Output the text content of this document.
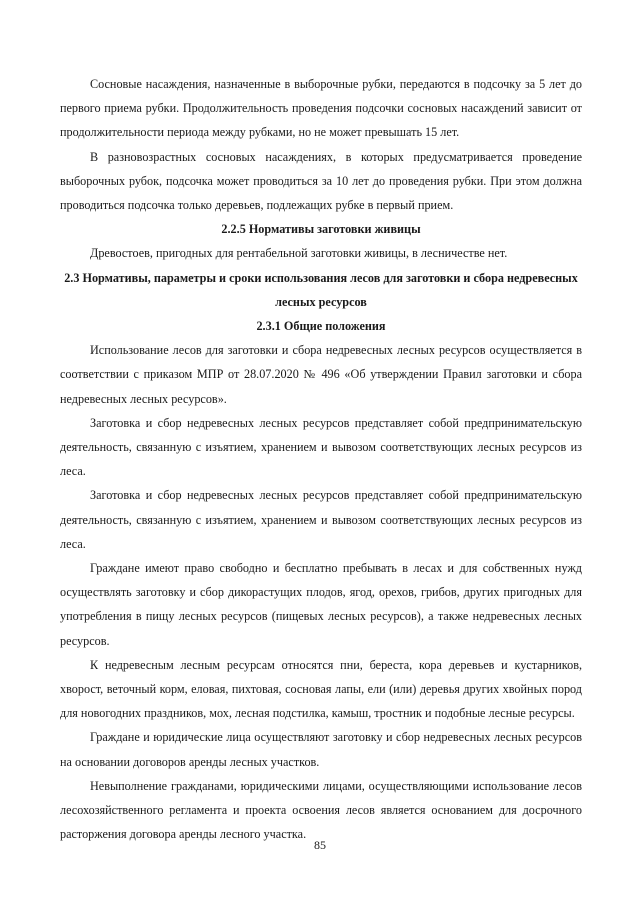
Сосновые насаждения, назначенные в выборочные рубки, передаются в подсочку за 5 лет до первого приема рубки. Продолжительность проведения подсочки сосновых насаждений зависит от продолжительности периода между рубками, но не может превышать 15 лет.

В разновозрастных сосновых насаждениях, в которых предусматривается проведение выборочных рубок, подсочка может проводиться за 10 лет до проведения рубки. При этом должна проводиться подсочка только деревьев, подлежащих рубке в первый прием.

2.2.5 Нормативы заготовки живицы

Древостоев, пригодных для рентабельной заготовки живицы, в лесничестве нет.

2.3 Нормативы, параметры и сроки использования лесов для заготовки и сбора недревесных лесных ресурсов

2.3.1 Общие положения

Использование лесов для заготовки и сбора недревесных лесных ресурсов осуществляется в соответствии с приказом МПР от 28.07.2020 № 496 «Об утверждении Правил заготовки и сбора недревесных лесных ресурсов».

Заготовка и сбор недревесных лесных ресурсов представляет собой предпринимательскую деятельность, связанную с изъятием, хранением и вывозом соответствующих лесных ресурсов из леса.

Заготовка и сбор недревесных лесных ресурсов представляет собой предпринимательскую деятельность, связанную с изъятием, хранением и вывозом соответствующих лесных ресурсов из леса.

Граждане имеют право свободно и бесплатно пребывать в лесах и для собственных нужд осуществлять заготовку и сбор дикорастущих плодов, ягод, орехов, грибов, других пригодных для употребления в пищу лесных ресурсов (пищевых лесных ресурсов), а также недревесных лесных ресурсов.

К недревесным лесным ресурсам относятся пни, береста, кора деревьев и кустарников, хворост, веточный корм, еловая, пихтовая, сосновая лапы, ели (или) деревья других хвойных пород для новогодних праздников, мох, лесная подстилка, камыш, тростник и подобные лесные ресурсы.

Граждане и юридические лица осуществляют заготовку и сбор недревесных лесных ресурсов на основании договоров аренды лесных участков.

Невыполнение гражданами, юридическими лицами, осуществляющими использование лесов лесохозяйственного регламента и проекта освоения лесов является основанием для досрочного расторжения договора аренды лесного участка.

85
